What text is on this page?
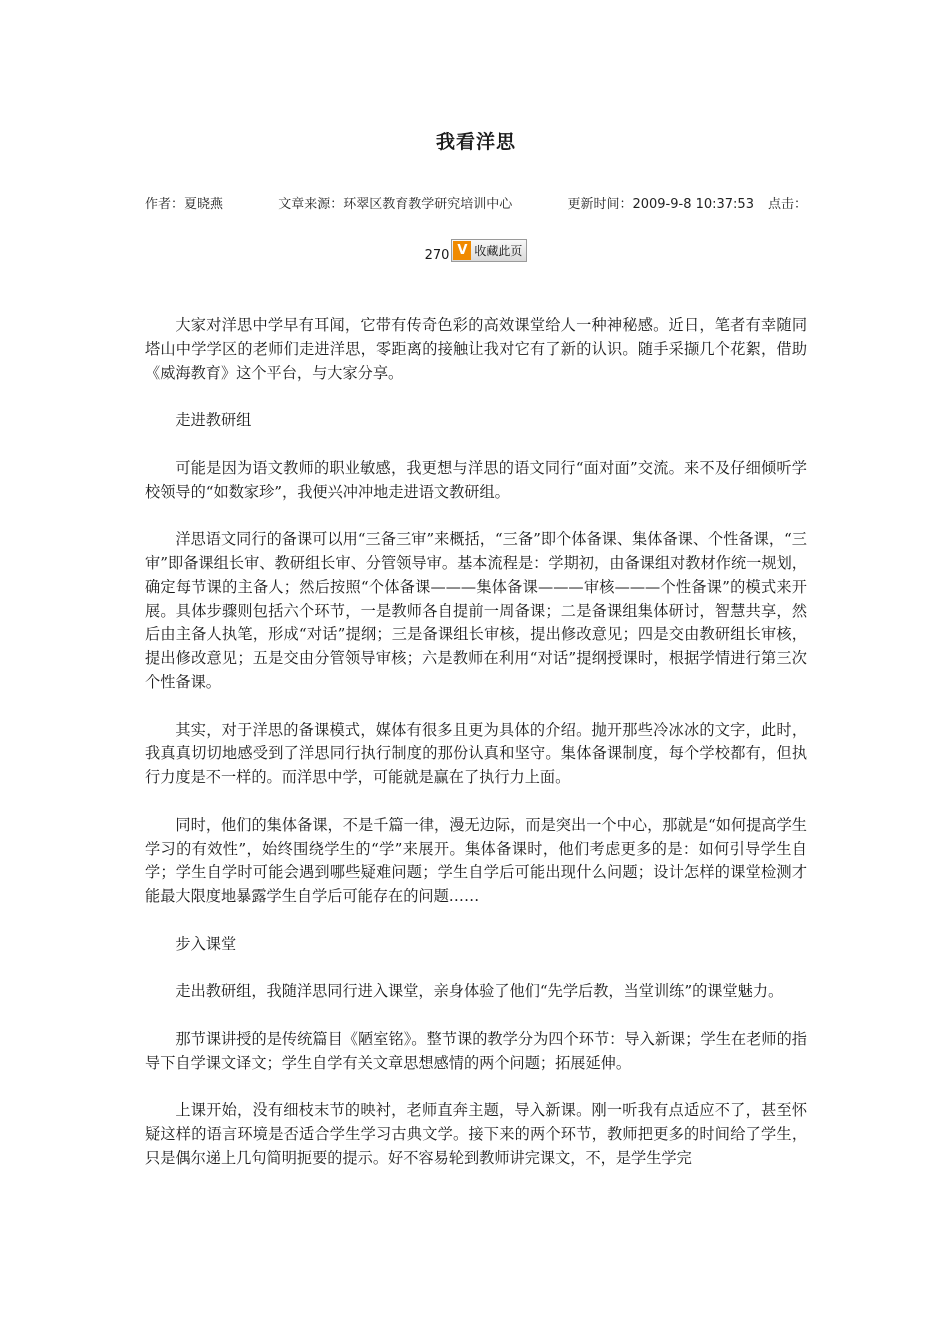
我看洋思
作者：夏晓燕	文章来源：环翠区教育教学研究培训中心	更新时间：2009-9-8 10:37:53 点击：
270 V 收藏此页

大家对洋思中学早有耳闻，它带有传奇色彩的高效课堂给人一种神秘感。近日，笔者有幸随同塔山中学学区的老师们走进洋思，零距离的接触让我对它有了新的认识。随手采撷几个花絮，借助《威海教育》这个平台，与大家分享。

走进教研组

可能是因为语文教师的职业敏感，我更想与洋思的语文同行“面对面”交流。来不及仔细倾听学校领导的“如数家珍”，我便兴冲冲地走进语文教研组。

洋思语文同行的备课可以用“三备三审”来概括，“三备”即个体备课、集体备课、个性备课，“三审”即备课组长审、教研组长审、分管领导审。基本流程是：学期初，由备课组对教材作统一规划，确定每节课的主备人；然后按照“个体备课———集体备课———审核———个性备课”的模式来开展。具体步骤则包括六个环节，一是教师各自提前一周备课；二是备课组集体研讨，智慧共享，然后由主备人执笔，形成“对话”提纲；三是备课组长审核，提出修改意见；四是交由教研组长审核，提出修改意见；五是交由分管领导审核；六是教师在利用“对话”提纲授课时，根据学情进行第三次个性备课。

其实，对于洋思的备课模式，媒体有很多且更为具体的介绍。抛开那些冷冰冰的文字，此时，我真真切切地感受到了洋思同行执行制度的那份认真和坚守。集体备课制度，每个学校都有，但执行力度是不一样的。而洋思中学，可能就是赢在了执行力上面。

同时，他们的集体备课，不是千篇一律，漫无边际，而是突出一个中心，那就是“如何提高学生学习的有效性”，始终围绕学生的“学”来展开。集体备课时，他们考虑更多的是：如何引导学生自学；学生自学时可能会遇到哪些疑难问题；学生自学后可能出现什么问题；设计怎样的课堂检测才能最大限度地暴露学生自学后可能存在的问题……

步入课堂

走出教研组，我随洋思同行进入课堂，亲身体验了他们“先学后教，当堂训练”的课堂魅力。

那节课讲授的是传统篇目《陋室铭》。整节课的教学分为四个环节：导入新课；学生在老师的指导下自学课文译文；学生自学有关文章思想感情的两个问题；拓展延伸。

上课开始，没有细枝末节的映衬，老师直奔主题，导入新课。刚一听我有点适应不了，甚至怀疑这样的语言环境是否适合学生学习古典文学。接下来的两个环节，教师把更多的时间给了学生，只是偶尔递上几句简明扼要的提示。好不容易轮到教师讲完课文，不，是学生学完
